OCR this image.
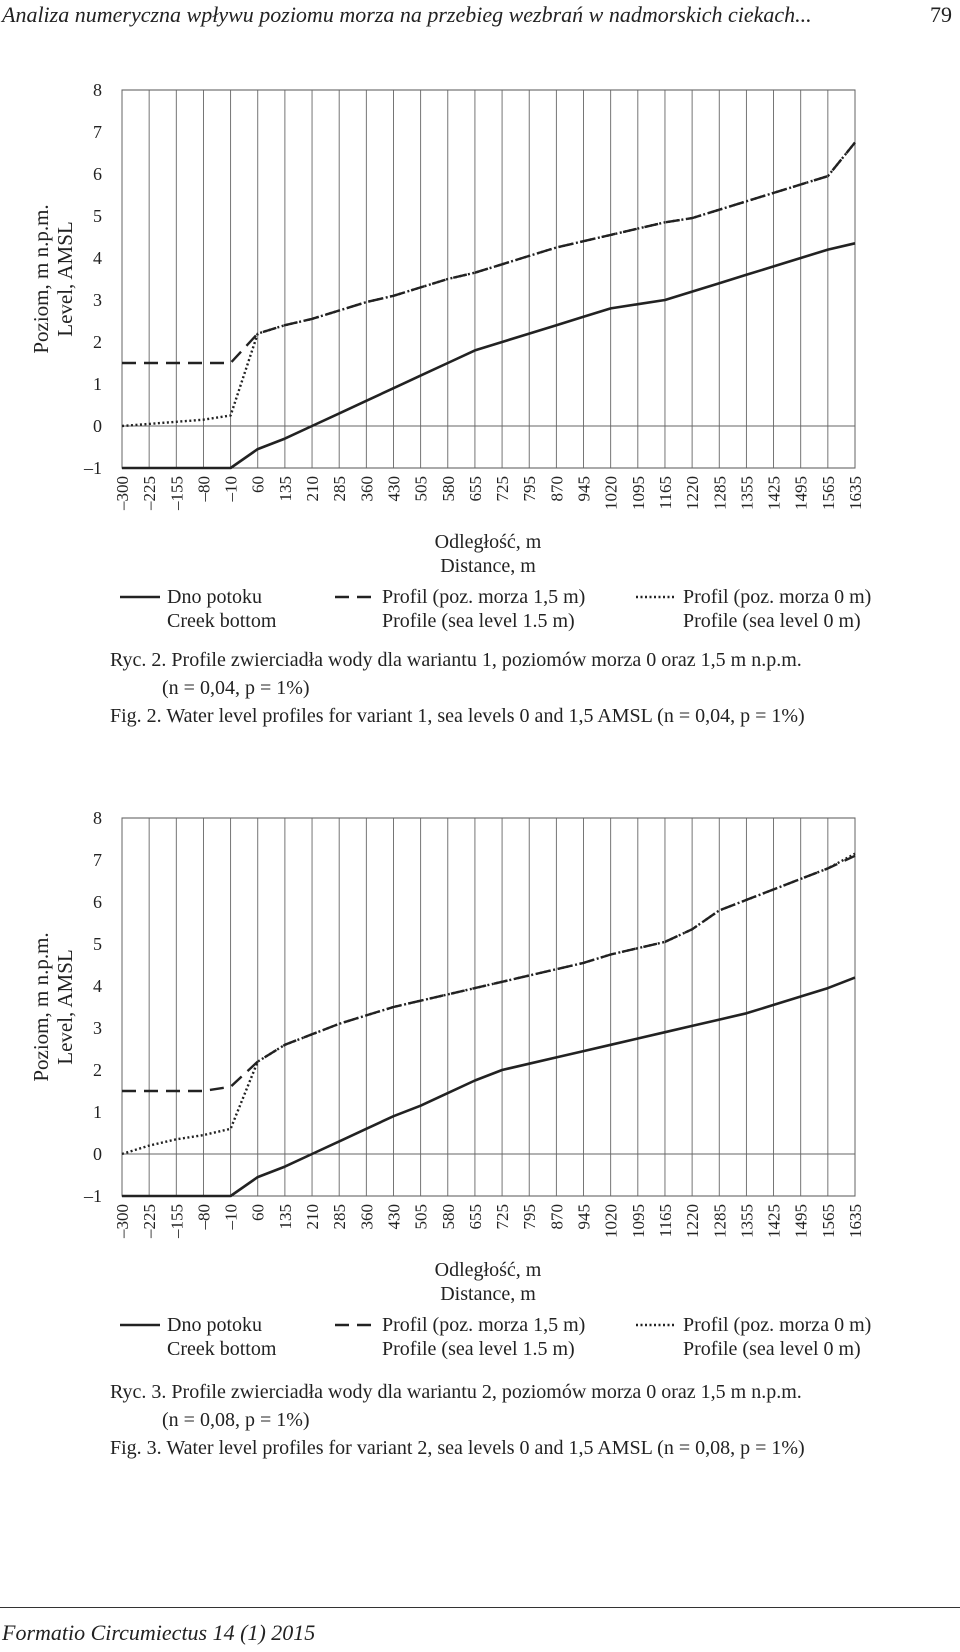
Analiza numeryczna wpływu poziomu morza na przebieg wezbrań w nadmorskich ciekach...	79
–300 –225 –155 –80 –10 60 135 210 285 360 430 505 580 655 725 795 870 945 1020 1095 1165 1220 1285 1355 1425 1495 1565 1635
8
7
6
5
4
3
2
1
0
–1
Poziom, m n.p.m. Level, AMSL
Odległość, m
Distance, m
Dno potoku
Creek bottom
Profil (poz. morza 1,5 m)
Profile (sea level 1.5 m)
Profil (poz. morza 0 m)
Profile (sea level 0 m)
Ryc. 2. Profile zwierciadła wody dla wariantu 1, poziomów morza 0 oraz 1,5 m n.p.m.
(n = 0,04, p = 1%)
Fig. 2. Water level profiles for variant 1, sea levels 0 and 1,5 AMSL (n = 0,04, p = 1%)
–300 –225 –155 –80 –10 60 135 210 285 360 430 505 580 655 725 795 870 945 1020 1095 1165 1220 1285 1355 1425 1495 1565 1635
8
7
6
5
4
3
2
1
0
–1
Poziom, m n.p.m. Level, AMSL
Odległość, m
Distance, m
Dno potoku
Creek bottom
Profil (poz. morza 1,5 m)
Profile (sea level 1.5 m)
Profil (poz. morza 0 m)
Profile (sea level 0 m)
Ryc. 3. Profile zwierciadła wody dla wariantu 2, poziomów morza 0 oraz 1,5 m n.p.m.
(n = 0,08, p = 1%)
Fig. 3. Water level profiles for variant 2, sea levels 0 and 1,5 AMSL (n = 0,08, p = 1%)
Formatio Circumiectus 14 (1) 2015
